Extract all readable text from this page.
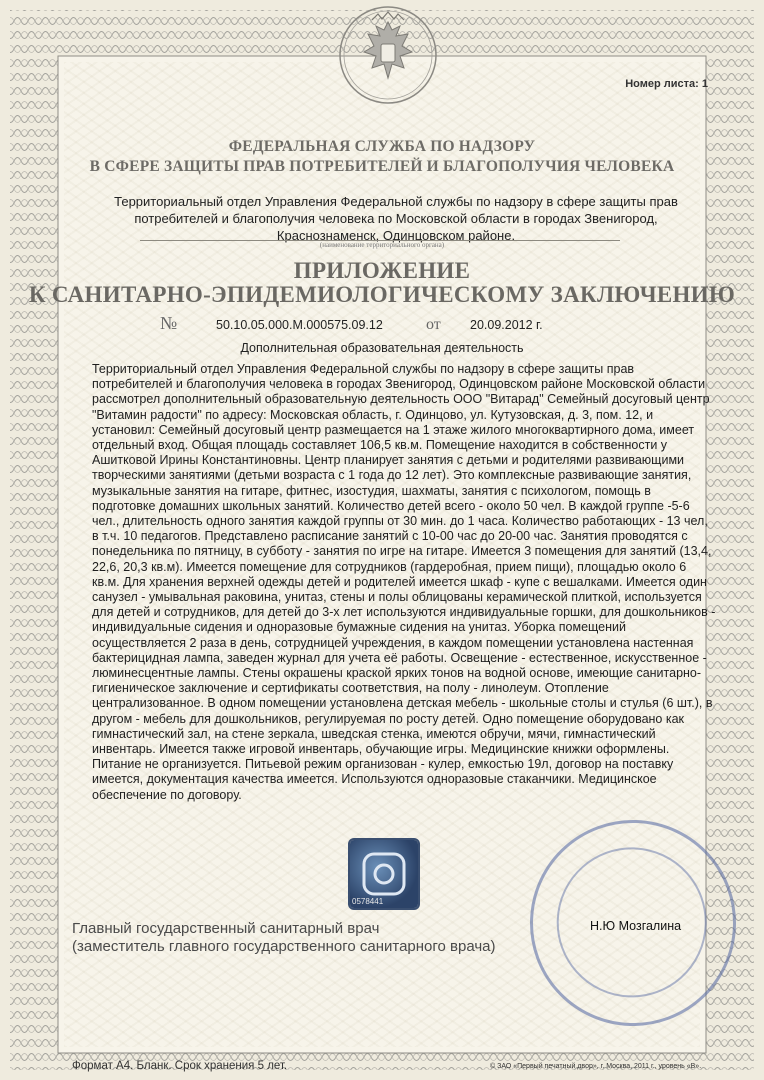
Номер листа: 1
ФЕДЕРАЛЬНАЯ СЛУЖБА ПО НАДЗОРУ
В СФЕРЕ ЗАЩИТЫ ПРАВ ПОТРЕБИТЕЛЕЙ И БЛАГОПОЛУЧИЯ ЧЕЛОВЕКА
Территориальный отдел Управления Федеральной службы по надзору в сфере защиты прав потребителей и благополучия человека по Московской области в городах Звенигород, Краснознаменск, Одинцовском районе.
(наименование территориального органа)
ПРИЛОЖЕНИЕ
К САНИТАРНО-ЭПИДЕМИОЛОГИЧЕСКОМУ ЗАКЛЮЧЕНИЮ
№	50.10.05.000.М.000575.09.12	от 20.09.2012 г.
Дополнительная образовательная деятельность
Территориальный отдел Управления Федеральной службы по надзору в сфере защиты прав потребителей и благополучия человека в городах Звенигород, Одинцовском районе Московской области рассмотрел дополнительный образовательную деятельность ООО "Витарад" Семейный досуговый центр "Витамин радости" по адресу: Московская область, г. Одинцово, ул. Кутузовская, д. 3, пом. 12, и установил: Семейный досуговый центр размещается на 1 этаже жилого многоквартирного дома, имеет отдельный вход. Общая площадь составляет 106,5 кв.м. Помещение находится в собственности у Ашитковой Ирины Константиновны. Центр планирует занятия с детьми и родителями развивающими творческими занятиями (детьми возраста с 1 года до 12 лет). Это комплексные развивающие занятия, музыкальные занятия на гитаре, фитнес, изостудия, шахматы, занятия с психологом, помощь в подготовке домашних школьных занятий. Количество детей всего - около 50 чел. В каждой группе -5-6 чел., длительность одного занятия каждой группы от 30 мин. до 1 часа. Количество работающих - 13 чел, в т.ч. 10 педагогов. Представлено расписание занятий с 10-00 час до 20-00 час. Занятия проводятся с понедельника по пятницу, в субботу - занятия по игре на гитаре. Имеется 3 помещения для занятий (13,4, 22,6, 20,3 кв.м). Имеется помещение для сотрудников (гардеробная, прием пищи), площадью около 6 кв.м. Для хранения верхней одежды детей и родителей имеется шкаф - купе с вешалками. Имеется один санузел - умывальная раковина, унитаз, стены и полы облицованы керамической плиткой, используется для детей и сотрудников, для детей до 3-х лет используются индивидуальные горшки, для дошкольников - индивидуальные сидения и одноразовые бумажные сидения на унитаз. Уборка помещений осуществляется 2 раза в день, сотрудницей учреждения, в каждом помещении установлена настенная бактерицидная лампа, заведен журнал для учета её работы. Освещение - естественное, искусственное - люминесцентные лампы. Стены окрашены краской ярких тонов на водной основе, имеющие санитарно-гигиеническое заключение и сертификаты соответствия, на полу - линолеум. Отопление централизованное. В одном помещении установлена детская мебель - школьные столы и стулья (6 шт.), в другом - мебель для дошкольников, регулируемая по росту детей. Одно помещение оборудовано как гимнастический зал, на стене зеркала, шведская стенка, имеются обручи, мячи, гимнастический инвентарь. Имеется также игровой инвентарь, обучающие игры. Медицинские книжки оформлены. Питание не организуется. Питьевой режим организован - кулер, емкостью 19л, договор на поставку имеется, документация качества имеется. Используются одноразовые стаканчики. Медицинское обеспечение по договору.
0578441
Главный государственный санитарный врач
(заместитель главного государственного санитарного врача)
Н.Ю Мозгалина
Формат А4. Бланк. Срок хранения 5 лет.	© ЗАО «Первый печатный двор», г. Москва, 2011 г., уровень «В».
